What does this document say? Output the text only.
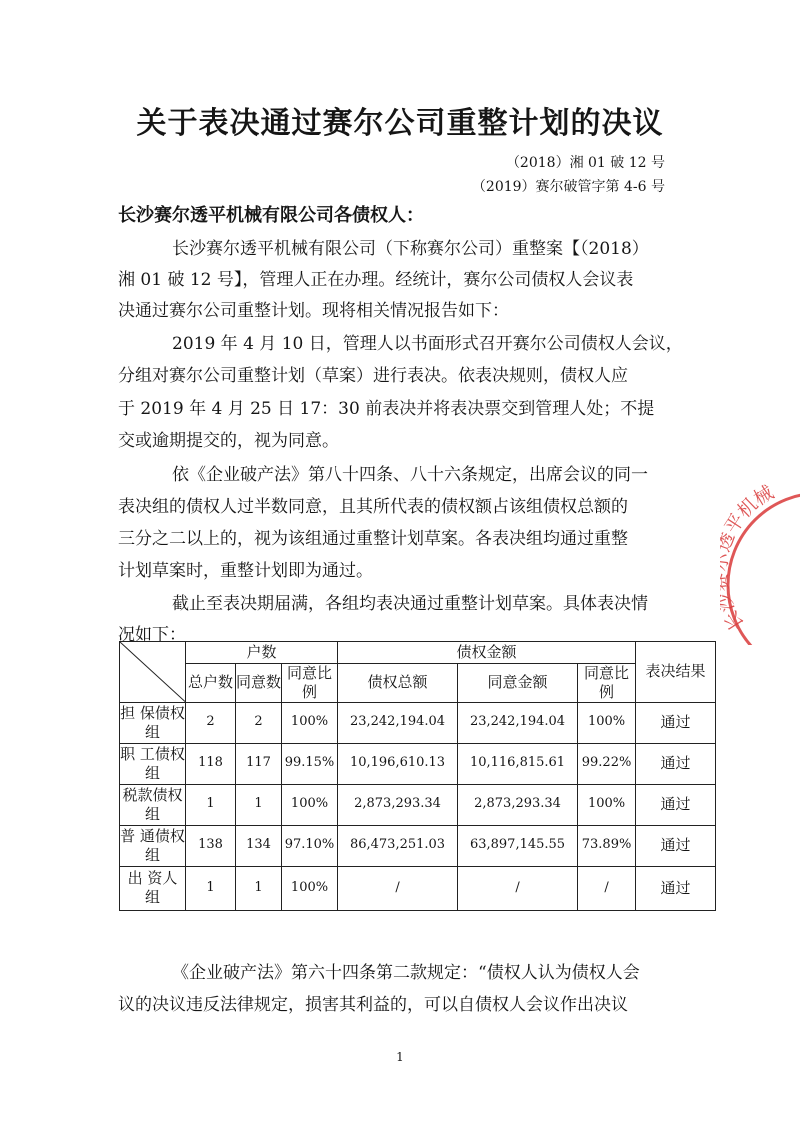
关于表决通过赛尔公司重整计划的决议
（2018）湘 01 破 12 号
（2019）赛尔破管字第 4-6 号
长沙赛尔透平机械有限公司各债权人：
长沙赛尔透平机械有限公司（下称赛尔公司）重整案【（2018）
湘 01 破 12 号】，管理人正在办理。经统计，赛尔公司债权人会议表
决通过赛尔公司重整计划。现将相关情况报告如下：
2019 年 4 月 10 日，管理人以书面形式召开赛尔公司债权人会议，
分组对赛尔公司重整计划（草案）进行表决。依表决规则，债权人应
于 2019 年 4 月 25 日 17：30 前表决并将表决票交到管理人处；不提
交或逾期提交的，视为同意。
依《企业破产法》第八十四条、八十六条规定，出席会议的同一
表决组的债权人过半数同意，且其所代表的债权额占该组债权总额的
三分之二以上的，视为该组通过重整计划草案。各表决组均通过重整
计划草案时，重整计划即为通过。
截止至表决期届满，各组均表决通过重整计划草案。具体表决情
况如下：
	户数			债权金额			表决结果
	总户数	同意数	同意比例	债权总额	同意金额	同意比例	
担 保债权组	2	2	100%	23,242,194.04	23,242,194.04	100%	通过
职 工债权组	118	117	99.15%	10,196,610.13	10,116,815.61	99.22%	通过
税款债权组	1	1	100%	2,873,293.34	2,873,293.34	100%	通过
普 通债权组	138	134	97.10%	86,473,251.03	63,897,145.55	73.89%	通过
出 资人 组	1	1	100%	/	/	/	通过
《企业破产法》第六十四条第二款规定：“债权人认为债权人会
议的决议违反法律规定，损害其利益的，可以自债权人会议作出决议
长 平机械
1
